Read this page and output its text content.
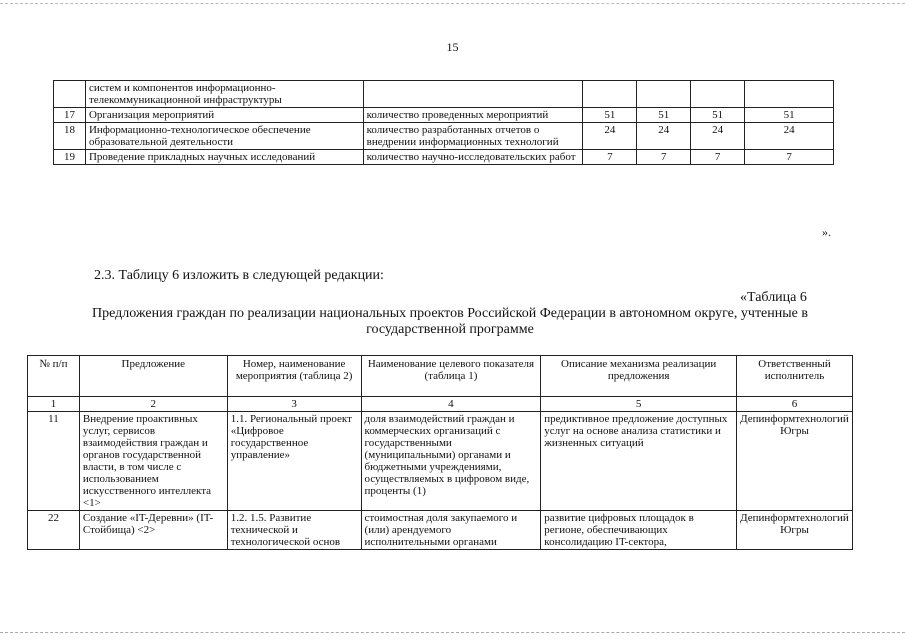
15
	систем и компонентов информационно-телекоммуникационной инфраструктуры					
17	Организация мероприятий	количество проведенных мероприятий	51	51	51	51
18	Информационно-технологическое обеспечение образовательной деятельности	количество разработанных отчетов о внедрении информационных технологий	24	24	24	24
19	Проведение прикладных научных исследований	количество научно-исследовательских работ	7	7	7	7
».
2.3. Таблицу 6 изложить в следующей редакции:
«Таблица 6
Предложения граждан по реализации национальных проектов Российской Федерации в автономном округе, учтенные в государственной программе
№ п/п	Предложение	Номер, наименование мероприятия (таблица 2)	Наименование целевого показателя (таблица 1)	Описание механизма реализации предложения	Ответственный исполнитель
1	2	3	4	5	6
11	Внедрение проактивных услуг, сервисов взаимодействия граждан и органов государственной власти, в том числе с использованием искусственного интеллекта <1>	1.1. Региональный проект «Цифровое государственное управление»	доля взаимодействий граждан и коммерческих организаций с государственными (муниципальными) органами и бюджетными учреждениями, осуществляемых в цифровом виде, проценты (1)	предиктивное предложение доступных услуг на основе анализа статистики и жизненных ситуаций	Депинформтехнологий Югры
22	Создание «IT-Деревни» (IT-Стойбища) <2>	1.2. 1.5. Развитие технической и технологической основ	стоимостная доля закупаемого и (или) арендуемого исполнительными органами	развитие цифровых площадок в регионе, обеспечивающих консолидацию IT-сектора,	Депинформтехнологий Югры
